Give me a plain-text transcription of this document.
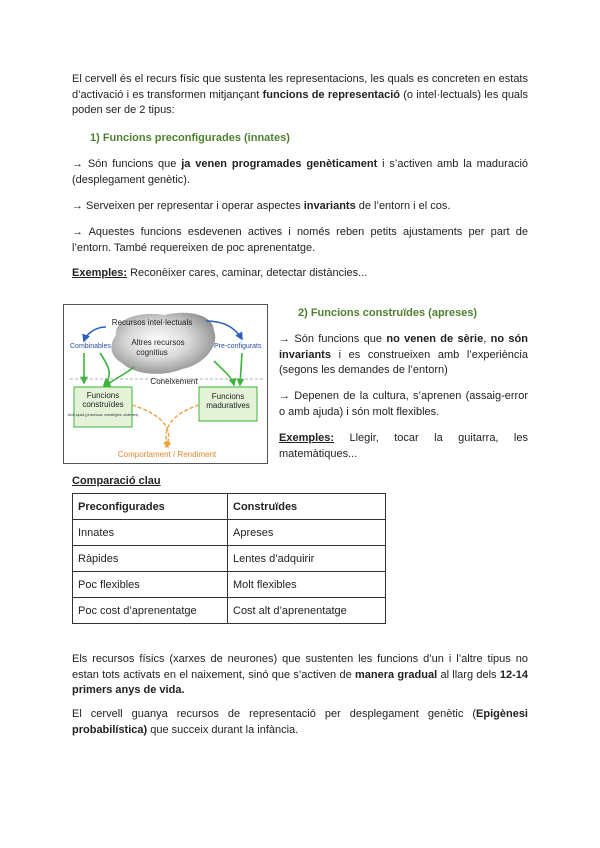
El cervell és el recurs físic que sustenta les representacions, les quals es concreten en estats d’activació i es transformen mitjançant funcions de representació (o intel·lectuals) les quals poden ser de 2 tipus:

1) Funcions preconfigurades (innates)

→ Són funcions que ja venen programades genèticament i s’activen amb la maduració (desplegament genètic).

→ Serveixen per representar i operar aspectes invariants de l’entorn i el cos.

→ Aquestes funcions esdevenen actives i només reben petits ajustaments per part de l’entorn. També requereixen de poc aprenentatge.

Exemples: Reconèixer cares, caminar, detectar distàncies...

Recursos intel·lectuals
Altres recursos
cognitius
Combinables	Pre-configurats
Coneixement
Funcions
construïdes
Amb ajuda (processos, estratègies, sistemes)
Funcions
maduratives
Comportament / Rendiment

2) Funcions construïdes (apreses)

→ Són funcions que no venen de sèrie, no són invariants i es construeixen amb l’experiència (segons les demandes de l’entorn)

→ Depenen de la cultura, s’aprenen (assaig-error o amb ajuda) i són molt flexibles.

Exemples: Llegir, tocar la guitarra, les matemàtiques...

Comparació clau
Preconfigurades	Construïdes
Innates	Apreses
Ràpides	Lentes d’adquirir
Poc flexibles	Molt flexibles
Poc cost d’aprenentatge	Cost alt d’aprenentatge

Els recursos físics (xarxes de neurones) que sustenten les funcions d’un i l’altre tipus no estan tots activats en el naixement, sinó que s’activen de manera gradual al llarg dels 12-14 primers anys de vida.

El cervell guanya recursos de representació per desplegament genètic (Epigènesi probabilística) que succeix durant la infància.
